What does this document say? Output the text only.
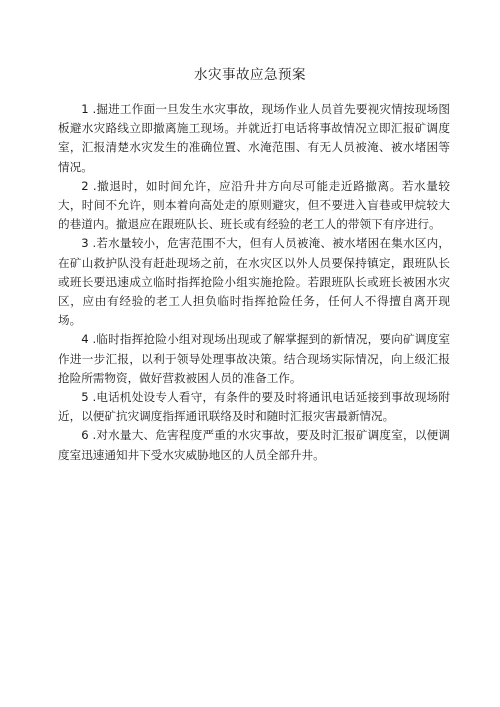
水灾事故应急预案

1 .掘进工作面一旦发生水灾事故，现场作业人员首先要视灾情按现场图板避水灾路线立即撤离施工现场。并就近打电话将事故情况立即汇报矿调度室，汇报清楚水灾发生的准确位置、水淹范围、有无人员被淹、被水堵困等情况。

2 .撤退时，如时间允许，应沿升井方向尽可能走近路撤离。若水量较大，时间不允许，则本着向高处走的原则避灾，但不要进入盲巷或甲烷较大的巷道内。撤退应在跟班队长、班长或有经验的老工人的带领下有序进行。

3 .若水量较小，危害范围不大，但有人员被淹、被水堵困在集水区内，在矿山救护队没有赶赴现场之前，在水灾区以外人员要保持镇定，跟班队长或班长要迅速成立临时指挥抢险小组实施抢险。若跟班队长或班长被困水灾区，应由有经验的老工人担负临时指挥抢险任务，任何人不得擅自离开现场。

4 .临时指挥抢险小组对现场出现或了解掌握到的新情况，要向矿调度室作进一步汇报，以利于领导处理事故决策。结合现场实际情况，向上级汇报抢险所需物资，做好营救被困人员的准备工作。

5 .电话机处设专人看守，有条件的要及时将通讯电话延接到事故现场附近，以便矿抗灾调度指挥通讯联络及时和随时汇报灾害最新情况。

6 .对水量大、危害程度严重的水灾事故，要及时汇报矿调度室，以便调度室迅速通知井下受水灾威胁地区的人员全部升井。
